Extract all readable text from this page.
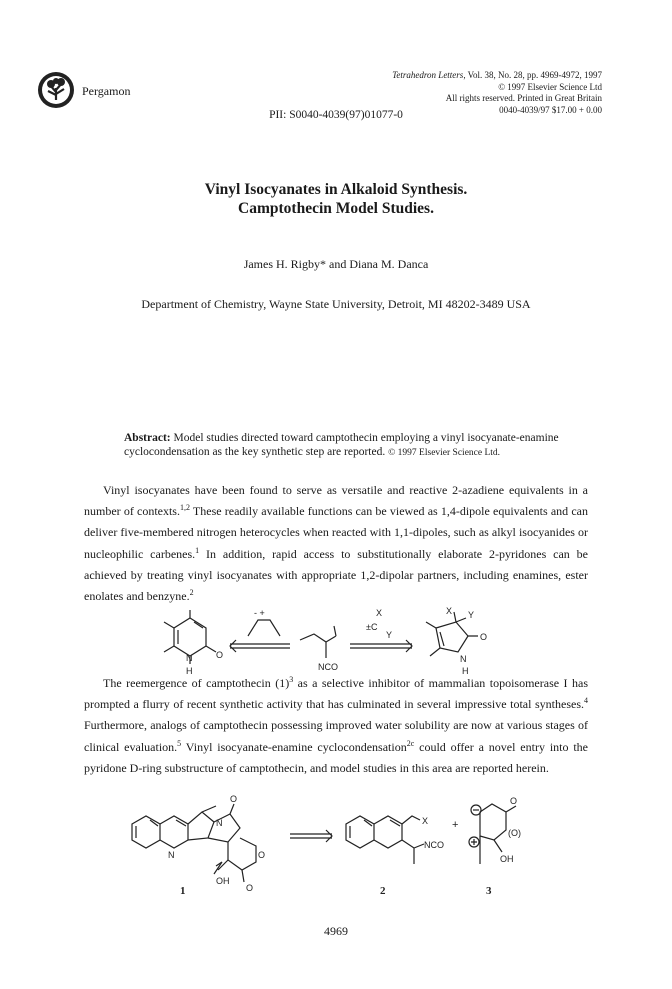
Pergamon
Tetrahedron Letters, Vol. 38, No. 28, pp. 4969-4972, 1997
© 1997 Elsevier Science Ltd
All rights reserved. Printed in Great Britain
0040-4039/97 $17.00 + 0.00
PII: S0040-4039(97)01077-0
Vinyl Isocyanates in Alkaloid Synthesis.
Camptothecin Model Studies.
James H. Rigby* and Diana M. Danca
Department of Chemistry, Wayne State University, Detroit, MI 48202-3489 USA
Abstract: Model studies directed toward camptothecin employing a vinyl isocyanate-enamine cyclocondensation as the key synthetic step are reported. © 1997 Elsevier Science Ltd.
Vinyl isocyanates have been found to serve as versatile and reactive 2-azadiene equivalents in a number of contexts.$^{1,2}$ These readily available functions can be viewed as 1,4-dipole equivalents and can deliver five-membered nitrogen heterocycles when reacted with 1,1-dipoles, such as alkyl isocyanides or nucleophilic carbenes.$^1$ In addition, rapid access to substitutionally elaborate 2-pyridones can be achieved by treating vinyl isocyanates with appropriate 1,2-dipolar partners, including enamines, ester enolates and benzyne.$^2$
N
H
O
- +
NCO
X
±C
Y
X Y
O
N
H
The reemergence of camptothecin $(1)^3$ as a selective inhibitor of mammalian topoisomerase I has prompted a flurry of recent synthetic activity that has culminated in several impressive total syntheses.$^4$ Furthermore, analogs of camptothecin possessing improved water solubility are now at various stages of clinical evaluation.$^5$ Vinyl isocyanate-enamine cyclocondensation$^{2c}$ could offer a novel entry into the pyridone D-ring substructure of camptothecin, and model studies in this area are reported herein.
N
N
O
O
O
OH
1
X
NCO
2
+
O
(O)
OH
3
4969
